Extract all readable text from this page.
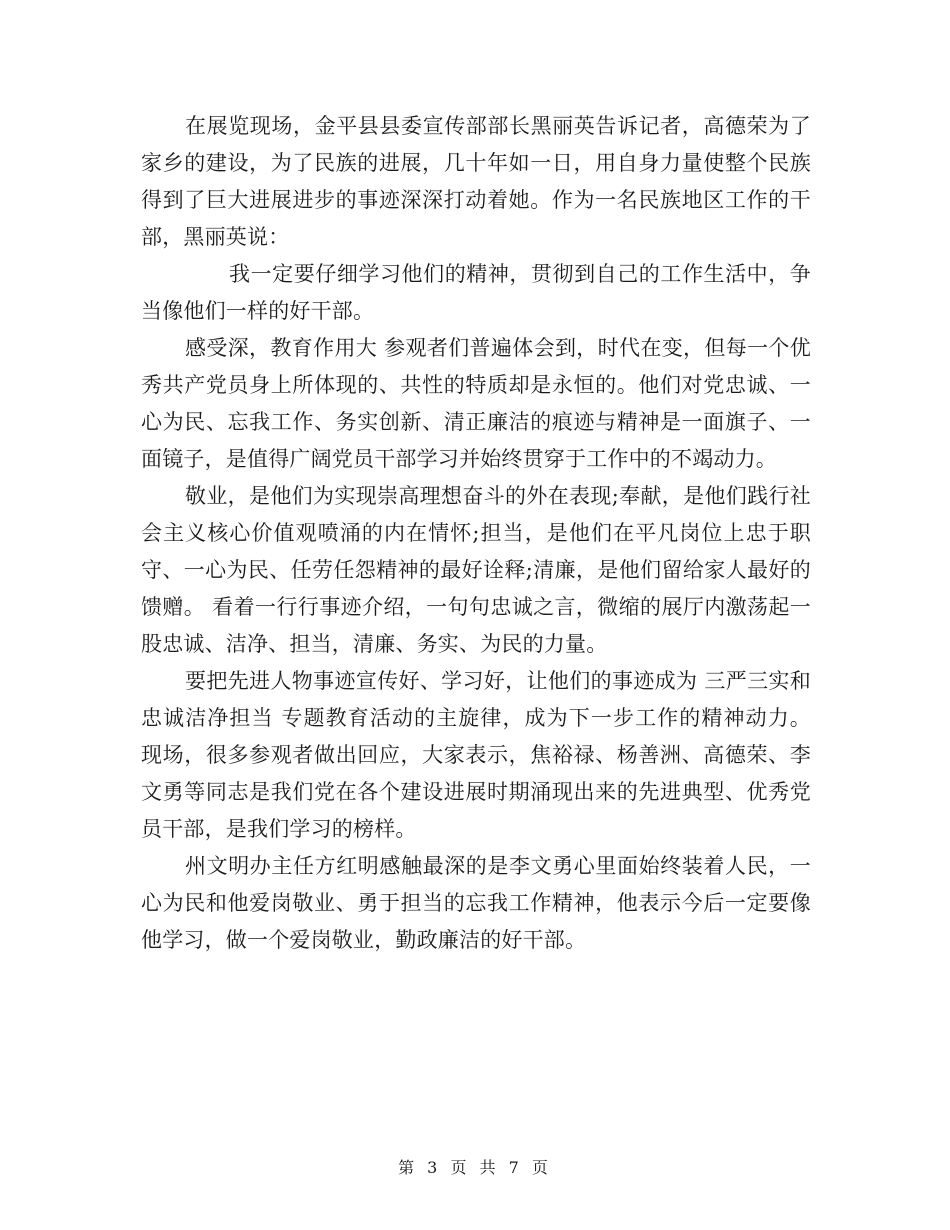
在展览现场，金平县县委宣传部部长黑丽英告诉记者，高德荣为了家乡的建设，为了民族的进展，几十年如一日，用自身力量使整个民族得到了巨大进展进步的事迹深深打动着她。作为一名民族地区工作的干部，黑丽英说：

我一定要仔细学习他们的精神，贯彻到自己的工作生活中，争当像他们一样的好干部。

感受深，教育作用大 参观者们普遍体会到，时代在变，但每一个优秀共产党员身上所体现的、共性的特质却是永恒的。他们对党忠诚、一心为民、忘我工作、务实创新、清正廉洁的痕迹与精神是一面旗子、一面镜子，是值得广阔党员干部学习并始终贯穿于工作中的不竭动力。

敬业，是他们为实现崇高理想奋斗的外在表现;奉献，是他们践行社会主义核心价值观喷涌的内在情怀;担当，是他们在平凡岗位上忠于职守、一心为民、任劳任怨精神的最好诠释;清廉，是他们留给家人最好的馈赠。 看着一行行事迹介绍，一句句忠诚之言，微缩的展厅内激荡起一股忠诚、洁净、担当，清廉、务实、为民的力量。

要把先进人物事迹宣传好、学习好，让他们的事迹成为 三严三实和 忠诚洁净担当 专题教育活动的主旋律，成为下一步工作的精神动力。 现场，很多参观者做出回应，大家表示，焦裕禄、杨善洲、高德荣、李文勇等同志是我们党在各个建设进展时期涌现出来的先进典型、优秀党员干部，是我们学习的榜样。

州文明办主任方红明感触最深的是李文勇心里面始终装着人民，一心为民和他爱岗敬业、勇于担当的忘我工作精神，他表示今后一定要像他学习，做一个爱岗敬业，勤政廉洁的好干部。

第 3 页 共 7 页
